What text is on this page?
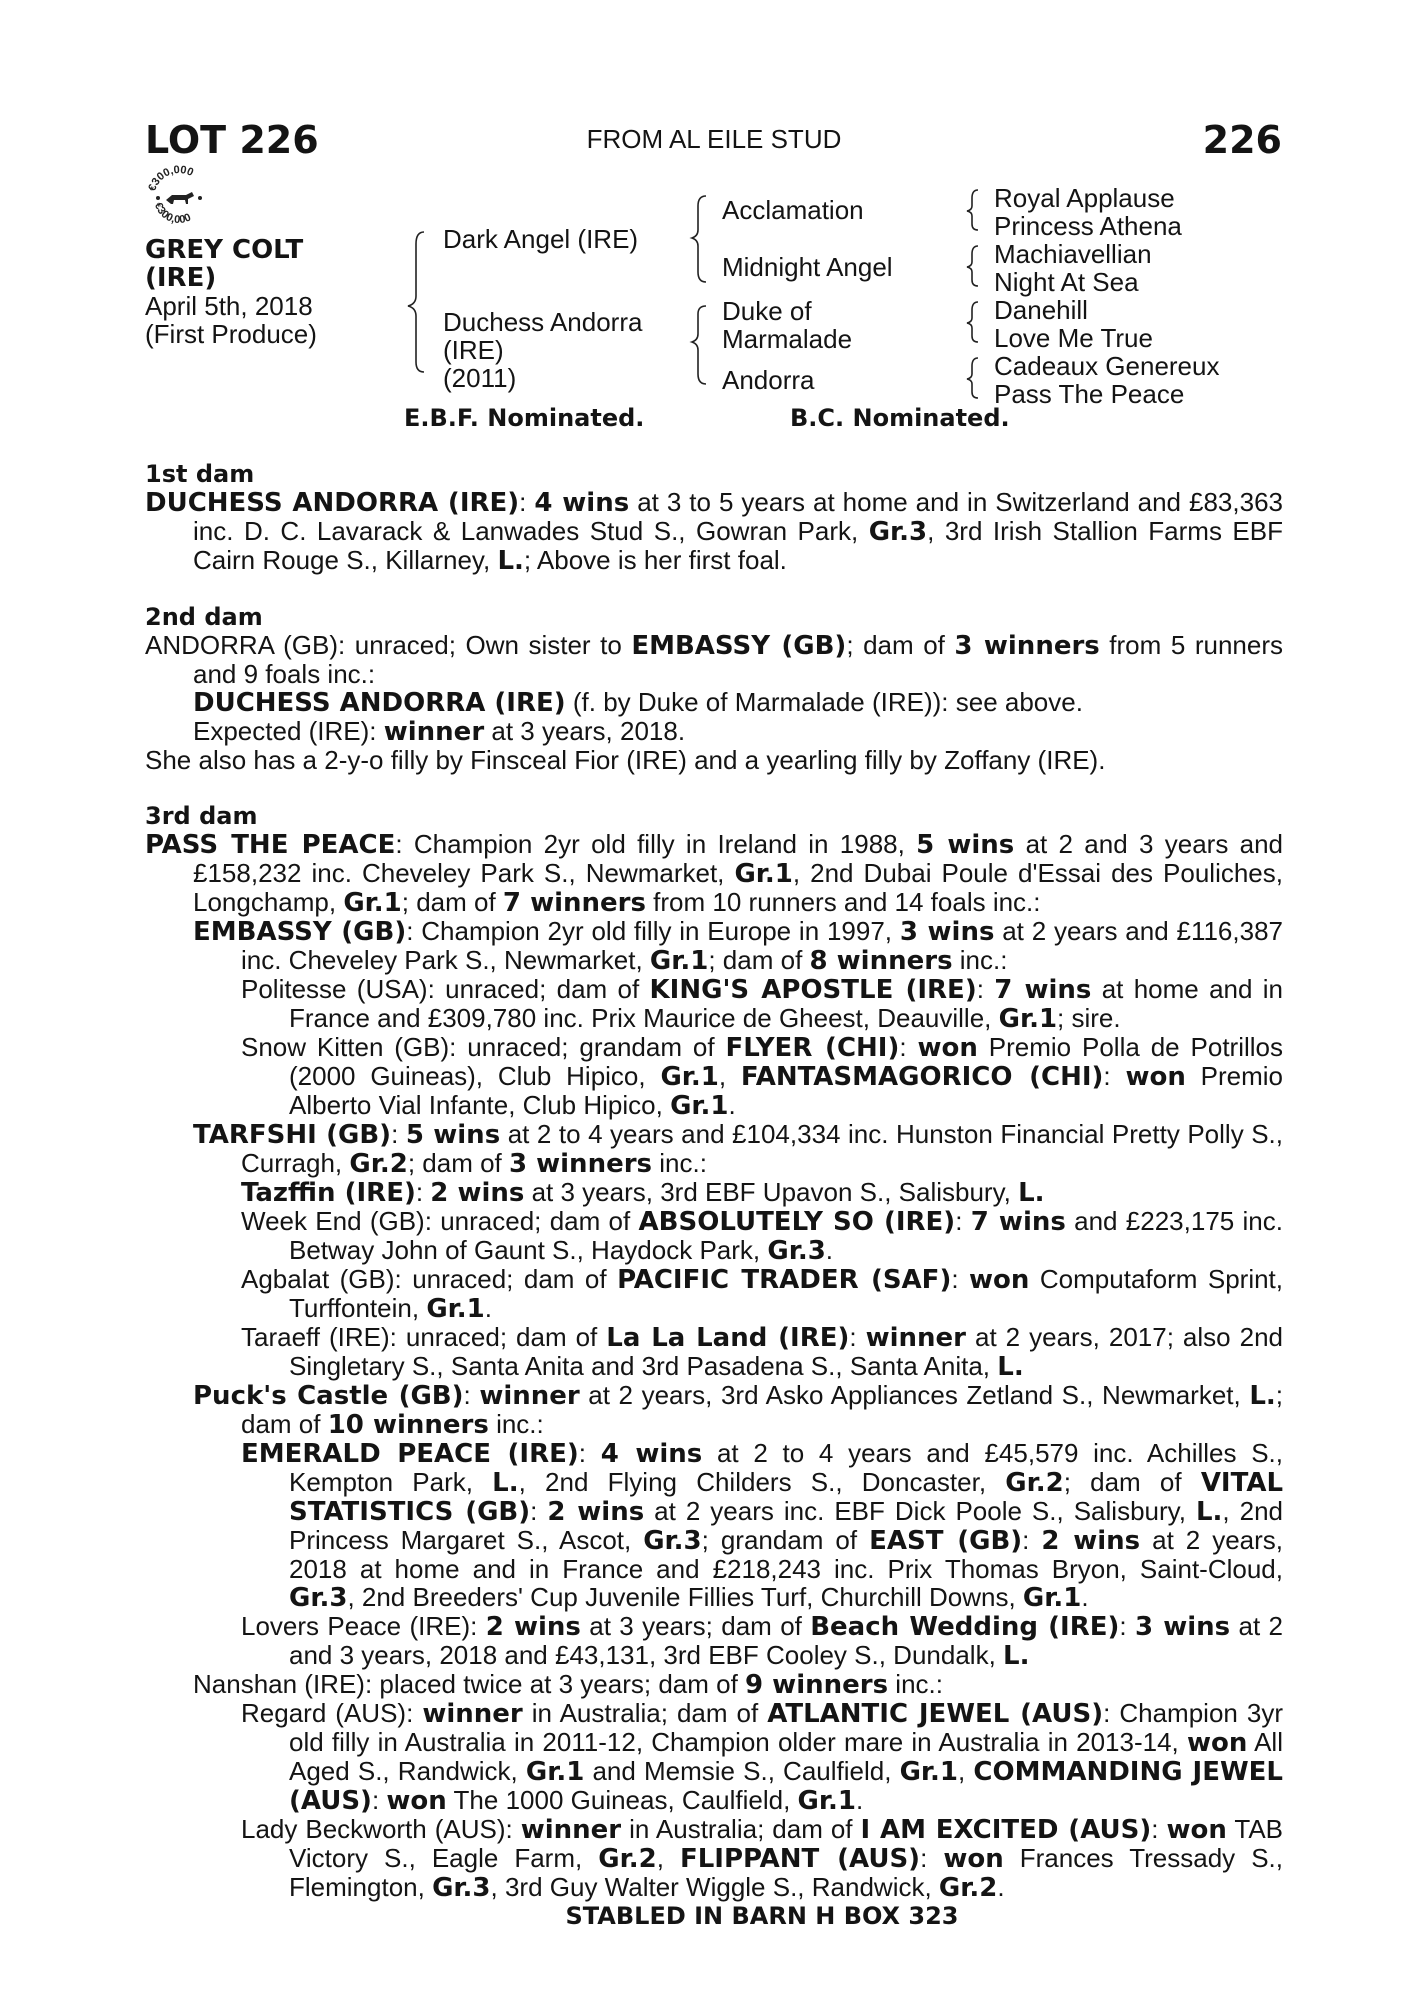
LOT 226	FROM AL EILE STUD	226
€300,000
€300,000
GREY COLT
(IRE)
April 5th, 2018
(First Produce)
Dark Angel (IRE)
Duchess Andorra
(IRE)
(2011)
Acclamation
Midnight Angel
Duke of
Marmalade
Andorra
Royal Applause
Princess Athena
Machiavellian
Night At Sea
Danehill
Love Me True
Cadeaux Genereux
Pass The Peace
E.B.F. Nominated.	B.C. Nominated.
1st dam
DUCHESS ANDORRA (IRE): 4 wins at 3 to 5 years at home and in Switzerland and £83,363 inc. D. C. Lavarack & Lanwades Stud S., Gowran Park, Gr.3, 3rd Irish Stallion Farms EBF Cairn Rouge S., Killarney, L.; Above is her first foal.
2nd dam
ANDORRA (GB): unraced; Own sister to EMBASSY (GB); dam of 3 winners from 5 runners and 9 foals inc.:
DUCHESS ANDORRA (IRE) (f. by Duke of Marmalade (IRE)): see above.
Expected (IRE): winner at 3 years, 2018.
She also has a 2-y-o filly by Finsceal Fior (IRE) and a yearling filly by Zoffany (IRE).
3rd dam
PASS THE PEACE: Champion 2yr old filly in Ireland in 1988, 5 wins at 2 and 3 years and £158,232 inc. Cheveley Park S., Newmarket, Gr.1, 2nd Dubai Poule d'Essai des Pouliches, Longchamp, Gr.1; dam of 7 winners from 10 runners and 14 foals inc.:
EMBASSY (GB): Champion 2yr old filly in Europe in 1997, 3 wins at 2 years and £116,387 inc. Cheveley Park S., Newmarket, Gr.1; dam of 8 winners inc.:
Politesse (USA): unraced; dam of KING'S APOSTLE (IRE): 7 wins at home and in France and £309,780 inc. Prix Maurice de Gheest, Deauville, Gr.1; sire.
Snow Kitten (GB): unraced; grandam of FLYER (CHI): won Premio Polla de Potrillos (2000 Guineas), Club Hipico, Gr.1, FANTASMAGORICO (CHI): won Premio Alberto Vial Infante, Club Hipico, Gr.1.
TARFSHI (GB): 5 wins at 2 to 4 years and £104,334 inc. Hunston Financial Pretty Polly S., Curragh, Gr.2; dam of 3 winners inc.:
Tazffin (IRE): 2 wins at 3 years, 3rd EBF Upavon S., Salisbury, L.
Week End (GB): unraced; dam of ABSOLUTELY SO (IRE): 7 wins and £223,175 inc. Betway John of Gaunt S., Haydock Park, Gr.3.
Agbalat (GB): unraced; dam of PACIFIC TRADER (SAF): won Computaform Sprint, Turffontein, Gr.1.
Taraeff (IRE): unraced; dam of La La Land (IRE): winner at 2 years, 2017; also 2nd Singletary S., Santa Anita and 3rd Pasadena S., Santa Anita, L.
Puck's Castle (GB): winner at 2 years, 3rd Asko Appliances Zetland S., Newmarket, L.; dam of 10 winners inc.:
EMERALD PEACE (IRE): 4 wins at 2 to 4 years and £45,579 inc. Achilles S., Kempton Park, L., 2nd Flying Childers S., Doncaster, Gr.2; dam of VITAL STATISTICS (GB): 2 wins at 2 years inc. EBF Dick Poole S., Salisbury, L., 2nd Princess Margaret S., Ascot, Gr.3; grandam of EAST (GB): 2 wins at 2 years, 2018 at home and in France and £218,243 inc. Prix Thomas Bryon, Saint-Cloud, Gr.3, 2nd Breeders' Cup Juvenile Fillies Turf, Churchill Downs, Gr.1.
Lovers Peace (IRE): 2 wins at 3 years; dam of Beach Wedding (IRE): 3 wins at 2 and 3 years, 2018 and £43,131, 3rd EBF Cooley S., Dundalk, L.
Nanshan (IRE): placed twice at 3 years; dam of 9 winners inc.:
Regard (AUS): winner in Australia; dam of ATLANTIC JEWEL (AUS): Champion 3yr old filly in Australia in 2011-12, Champion older mare in Australia in 2013-14, won All Aged S., Randwick, Gr.1 and Memsie S., Caulfield, Gr.1, COMMANDING JEWEL (AUS): won The 1000 Guineas, Caulfield, Gr.1.
Lady Beckworth (AUS): winner in Australia; dam of I AM EXCITED (AUS): won TAB Victory S., Eagle Farm, Gr.2, FLIPPANT (AUS): won Frances Tressady S., Flemington, Gr.3, 3rd Guy Walter Wiggle S., Randwick, Gr.2.
STABLED IN BARN H BOX 323
